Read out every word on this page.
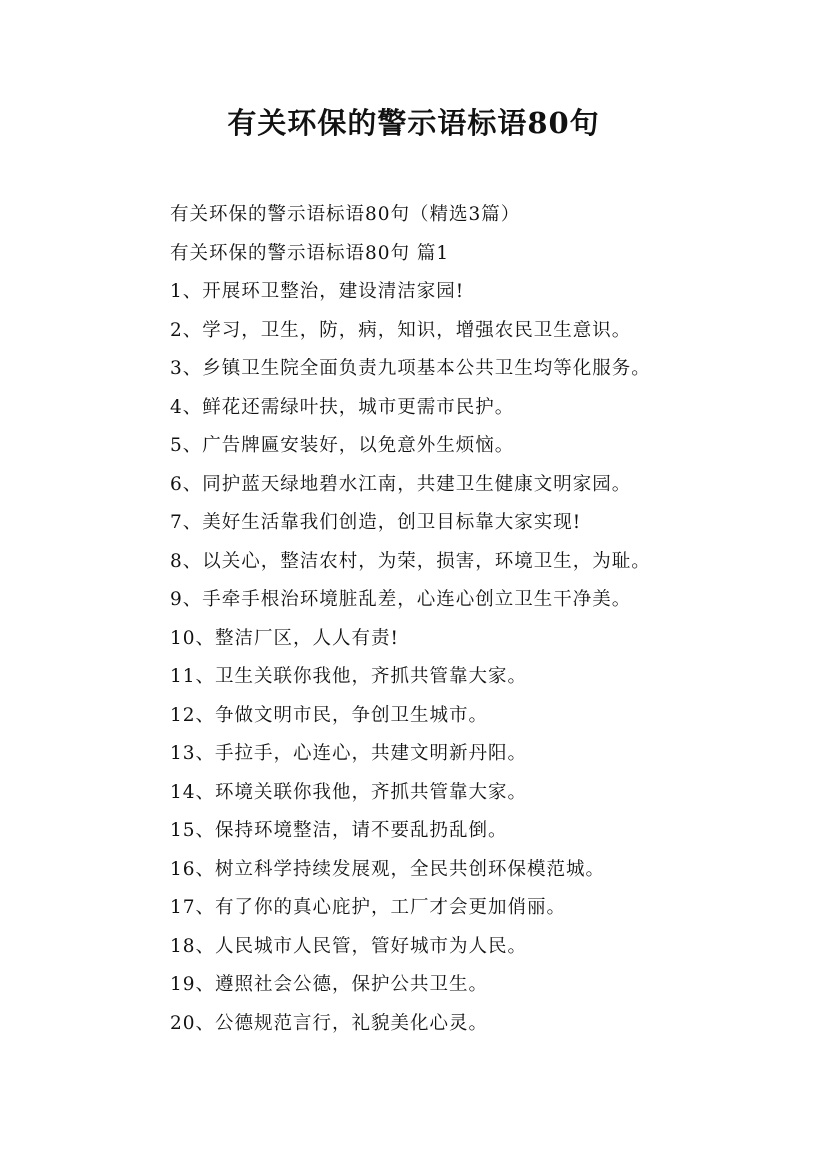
有关环保的警示语标语80句
有关环保的警示语标语80句（精选3篇）
有关环保的警示语标语80句 篇1
1、开展环卫整治，建设清洁家园!
2、学习，卫生，防，病，知识，增强农民卫生意识。
3、乡镇卫生院全面负责九项基本公共卫生均等化服务。
4、鲜花还需绿叶扶，城市更需市民护。
5、广告牌匾安装好，以免意外生烦恼。
6、同护蓝天绿地碧水江南，共建卫生健康文明家园。
7、美好生活靠我们创造，创卫目标靠大家实现!
8、以关心，整洁农村，为荣，损害，环境卫生，为耻。
9、手牵手根治环境脏乱差，心连心创立卫生干净美。
10、整洁厂区，人人有责!
11、卫生关联你我他，齐抓共管靠大家。
12、争做文明市民，争创卫生城市。
13、手拉手，心连心，共建文明新丹阳。
14、环境关联你我他，齐抓共管靠大家。
15、保持环境整洁，请不要乱扔乱倒。
16、树立科学持续发展观，全民共创环保模范城。
17、有了你的真心庇护，工厂才会更加俏丽。
18、人民城市人民管，管好城市为人民。
19、遵照社会公德，保护公共卫生。
20、公德规范言行，礼貌美化心灵。
